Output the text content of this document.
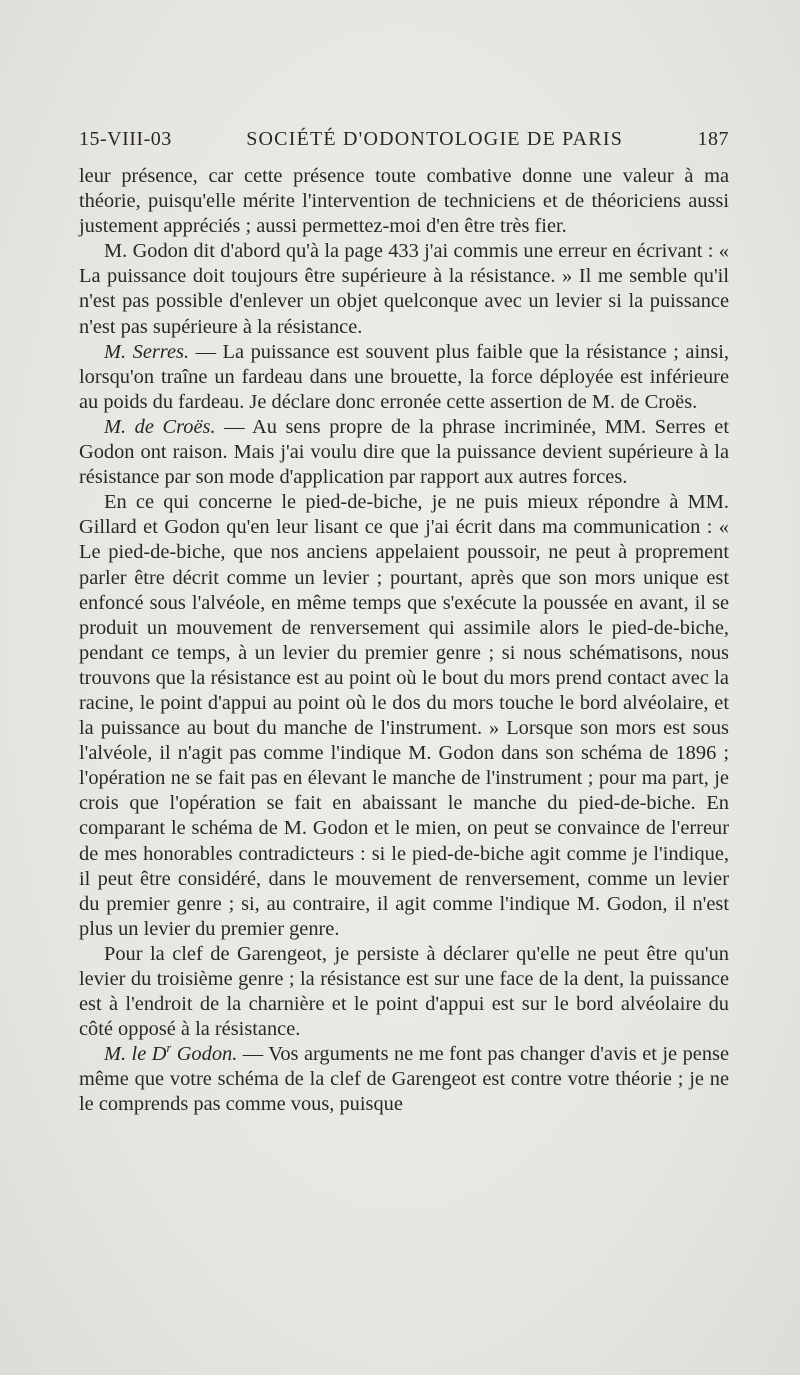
15-VIII-03	SOCIÉTÉ D'ODONTOLOGIE DE PARIS	187

leur présence, car cette présence toute combative donne une valeur à ma théorie, puisqu'elle mérite l'intervention de techniciens et de théoriciens aussi justement appréciés ; aussi permettez-moi d'en être très fier.

M. Godon dit d'abord qu'à la page 433 j'ai commis une erreur en écrivant : « La puissance doit toujours être supérieure à la résistance. » Il me semble qu'il n'est pas possible d'enlever un objet quelconque avec un levier si la puissance n'est pas supérieure à la résistance.

M. Serres. — La puissance est souvent plus faible que la résistance ; ainsi, lorsqu'on traîne un fardeau dans une brouette, la force déployée est inférieure au poids du fardeau. Je déclare donc erronée cette assertion de M. de Croës.

M. de Croës. — Au sens propre de la phrase incriminée, MM. Serres et Godon ont raison. Mais j'ai voulu dire que la puissance devient supérieure à la résistance par son mode d'application par rapport aux autres forces.

En ce qui concerne le pied-de-biche, je ne puis mieux répondre à MM. Gillard et Godon qu'en leur lisant ce que j'ai écrit dans ma communication : « Le pied-de-biche, que nos anciens appelaient poussoir, ne peut à proprement parler être décrit comme un levier ; pourtant, après que son mors unique est enfoncé sous l'alvéole, en même temps que s'exécute la poussée en avant, il se produit un mouvement de renversement qui assimile alors le pied-de-biche, pendant ce temps, à un levier du premier genre ; si nous schématisons, nous trouvons que la résistance est au point où le bout du mors prend contact avec la racine, le point d'appui au point où le dos du mors touche le bord alvéolaire, et la puissance au bout du manche de l'instrument. » Lorsque son mors est sous l'alvéole, il n'agit pas comme l'indique M. Godon dans son schéma de 1896 ; l'opération ne se fait pas en élevant le manche de l'instrument ; pour ma part, je crois que l'opération se fait en abaissant le manche du pied-de-biche. En comparant le schéma de M. Godon et le mien, on peut se convaince de l'erreur de mes honorables contradicteurs : si le pied-de-biche agit comme je l'indique, il peut être considéré, dans le mouvement de renversement, comme un levier du premier genre ; si, au contraire, il agit comme l'indique M. Godon, il n'est plus un levier du premier genre.

Pour la clef de Garengeot, je persiste à déclarer qu'elle ne peut être qu'un levier du troisième genre ; la résistance est sur une face de la dent, la puissance est à l'endroit de la charnière et le point d'appui est sur le bord alvéolaire du côté opposé à la résistance.

M. le $D^r$ Godon. — Vos arguments ne me font pas changer d'avis et je pense même que votre schéma de la clef de Garengeot est contre votre théorie ; je ne le comprends pas comme vous, puisque
